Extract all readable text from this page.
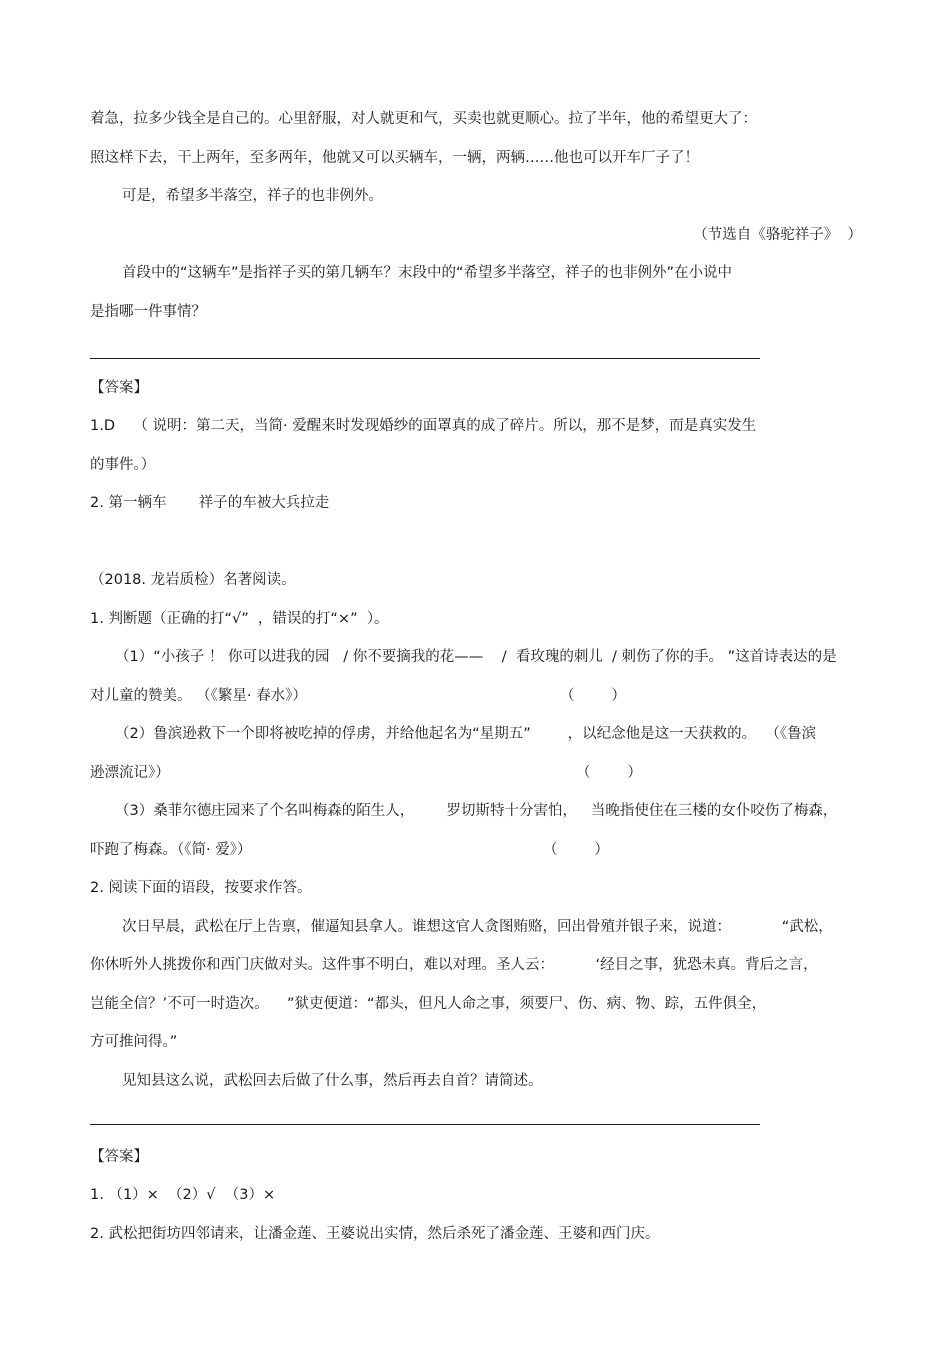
着急，拉多少钱全是自己的。心里舒服，对人就更和气，买卖也就更顺心。拉了半年，他的希望更大了：
照这样下去，干上两年，至多两年，他就又可以买辆车，一辆，两辆……他也可以开车厂子了！
可是，希望多半落空，祥子的也非例外。
（节选自《骆驼祥子》  ）
首段中的“这辆车”是指祥子买的第几辆车？末段中的“希望多半落空，祥子的也非例外”在小说中
是指哪一件事情？
【答案】
1.D    （ 说明：第二天，当简· 爱醒来时发现婚纱的面罩真的成了碎片。所以，那不是梦，而是真实发生
的事件。）
2. 第一辆车       祥子的车被大兵拉走
（2018. 龙岩质检）名著阅读。
1. 判断题（正确的打“√”  ，错误的打“×”  ）。
（1）“小孩子 ！ 你可以进我的园   / 你不要摘我的花——    /  看玫瑰的刺儿  / 刺伤了你的手。 ”这首诗表达的是
对儿童的赞美。 （《繁星· 春水》）	（        ）
（2）鲁滨逊救下一个即将被吃掉的俘虏，并给他起名为“星期五”        ，以纪念他是这一天获救的。  （《鲁滨
逊漂流记》）	（        ）
（3）桑菲尔德庄园来了个名叫梅森的陌生人，       罗切斯特十分害怕，   当晚指使住在三楼的女仆咬伤了梅森，
吓跑了梅森。（《简· 爱》）	（        ）
2. 阅读下面的语段，按要求作答。
次日早晨，武松在厅上告禀，催逼知县拿人。谁想这官人贪图贿赂，回出骨殖并银子来，说道：           “武松，
你休听外人挑拨你和西门庆做对头。这件事不明白，难以对理。圣人云：         ‘经目之事，犹恐未真。背后之言，
岂能全信？’不可一时造次。    ”狱吏便道：“都头，但凡人命之事，须要尸、伤、病、物、踪，五件俱全，
方可推问得。”
见知县这么说，武松回去后做了什么事，然后再去自首？请简述。
【答案】
1. （1）×  （2）√  （3）×
2. 武松把街坊四邻请来，让潘金莲、王婆说出实情，然后杀死了潘金莲、王婆和西门庆。
